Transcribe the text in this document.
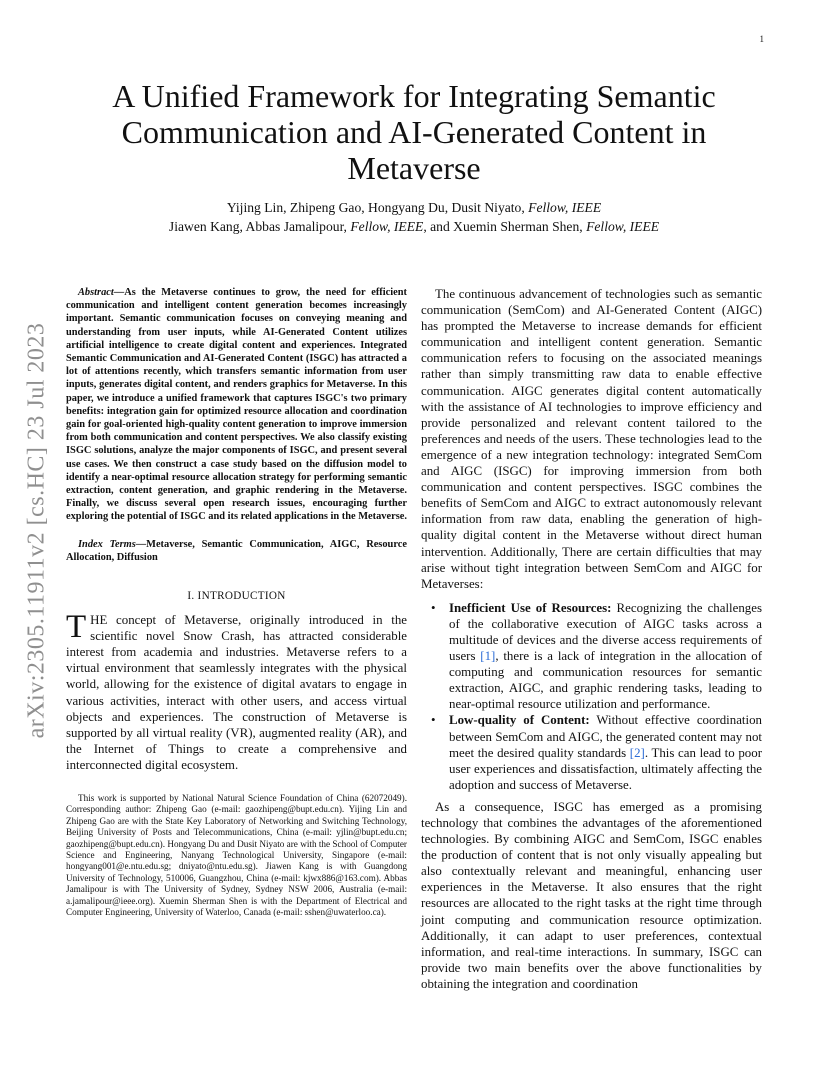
1
arXiv:2305.11911v2 [cs.HC] 23 Jul 2023
A Unified Framework for Integrating Semantic Communication and AI-Generated Content in Metaverse
Yijing Lin, Zhipeng Gao, Hongyang Du, Dusit Niyato, Fellow, IEEE
Jiawen Kang, Abbas Jamalipour, Fellow, IEEE, and Xuemin Sherman Shen, Fellow, IEEE

Abstract—As the Metaverse continues to grow, the need for efficient communication and intelligent content generation becomes increasingly important. Semantic communication focuses on conveying meaning and understanding from user inputs, while AI-Generated Content utilizes artificial intelligence to create digital content and experiences. Integrated Semantic Communication and AI-Generated Content (ISGC) has attracted a lot of attentions recently, which transfers semantic information from user inputs, generates digital content, and renders graphics for Metaverse. In this paper, we introduce a unified framework that captures ISGC's two primary benefits: integration gain for optimized resource allocation and coordination gain for goal-oriented high-quality content generation to improve immersion from both communication and content perspectives. We also classify existing ISGC solutions, analyze the major components of ISGC, and present several use cases. We then construct a case study based on the diffusion model to identify a near-optimal resource allocation strategy for performing semantic extraction, content generation, and graphic rendering in the Metaverse. Finally, we discuss several open research issues, encouraging further exploring the potential of ISGC and its related applications in the Metaverse.

Index Terms—Metaverse, Semantic Communication, AIGC, Resource Allocation, Diffusion

I. INTRODUCTION

THE concept of Metaverse, originally introduced in the scientific novel Snow Crash, has attracted considerable interest from academia and industries. Metaverse refers to a virtual environment that seamlessly integrates with the physical world, allowing for the existence of digital avatars to engage in various activities, interact with other users, and access virtual objects and experiences. The construction of Metaverse is supported by all virtual reality (VR), augmented reality (AR), and the Internet of Things to create a comprehensive and interconnected digital ecosystem.

This work is supported by National Natural Science Foundation of China (62072049). Corresponding author: Zhipeng Gao (e-mail: gaozhipeng@bupt.edu.cn). Yijing Lin and Zhipeng Gao are with the State Key Laboratory of Networking and Switching Technology, Beijing University of Posts and Telecommunications, China (e-mail: yjlin@bupt.edu.cn; gaozhipeng@bupt.edu.cn). Hongyang Du and Dusit Niyato are with the School of Computer Science and Engineering, Nanyang Technological University, Singapore (e-mail: hongyang001@e.ntu.edu.sg; dniyato@ntu.edu.sg). Jiawen Kang is with Guangdong University of Technology, 510006, Guangzhou, China (e-mail: kjwx886@163.com). Abbas Jamalipour is with The University of Sydney, Sydney NSW 2006, Australia (e-mail: a.jamalipour@ieee.org). Xuemin Sherman Shen is with the Department of Electrical and Computer Engineering, University of Waterloo, Canada (e-mail: sshen@uwaterloo.ca).

The continuous advancement of technologies such as semantic communication (SemCom) and AI-Generated Content (AIGC) has prompted the Metaverse to increase demands for efficient communication and intelligent content generation. Semantic communication refers to focusing on the associated meanings rather than simply transmitting raw data to enable effective communication. AIGC generates digital content automatically with the assistance of AI technologies to improve efficiency and provide personalized and relevant content tailored to the preferences and needs of the users. These technologies lead to the emergence of a new integration technology: integrated SemCom and AIGC (ISGC) for improving immersion from both communication and content perspectives. ISGC combines the benefits of SemCom and AIGC to extract autonomously relevant information from raw data, enabling the generation of high-quality digital content in the Metaverse without direct human intervention. Additionally, There are certain difficulties that may arise without tight integration between SemCom and AIGC for Metaverses:

• Inefficient Use of Resources: Recognizing the challenges of the collaborative execution of AIGC tasks across a multitude of devices and the diverse access requirements of users [1], there is a lack of integration in the allocation of computing and communication resources for semantic extraction, AIGC, and graphic rendering tasks, leading to near-optimal resource utilization and performance.
• Low-quality of Content: Without effective coordination between SemCom and AIGC, the generated content may not meet the desired quality standards [2]. This can lead to poor user experiences and dissatisfaction, ultimately affecting the adoption and success of Metaverse.

As a consequence, ISGC has emerged as a promising technology that combines the advantages of the aforementioned technologies. By combining AIGC and SemCom, ISGC enables the production of content that is not only visually appealing but also contextually relevant and meaningful, enhancing user experiences in the Metaverse. It also ensures that the right resources are allocated to the right tasks at the right time through joint computing and communication resource optimization. Additionally, it can adapt to user preferences, contextual information, and real-time interactions. In summary, ISGC can provide two main benefits over the above functionalities by obtaining the integration and coordination
